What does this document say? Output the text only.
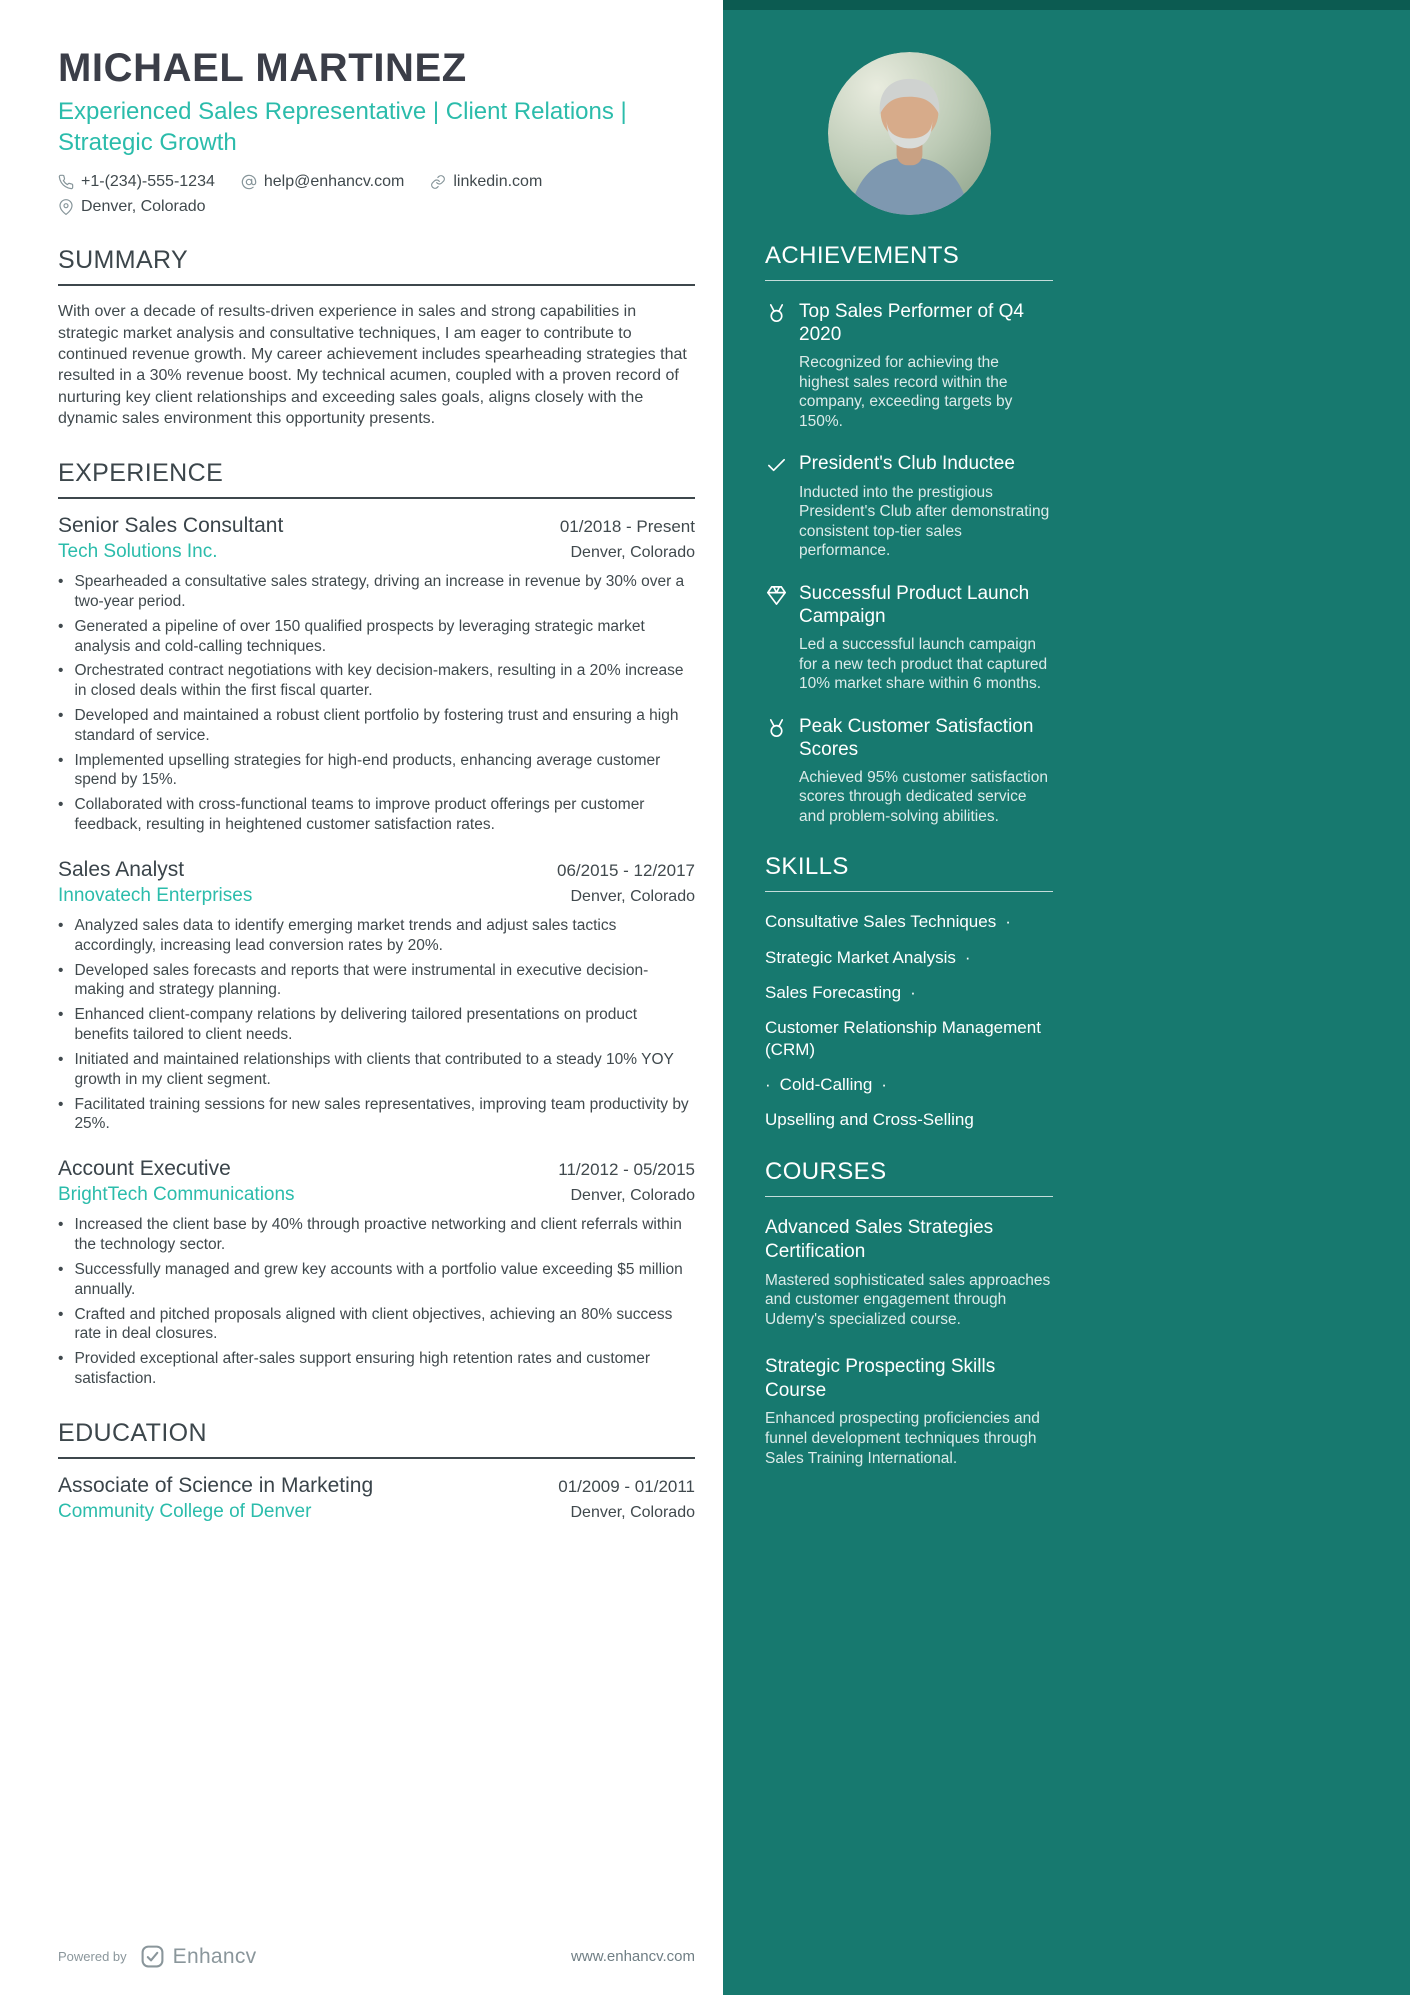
MICHAEL MARTINEZ
Experienced Sales Representative | Client Relations | Strategic Growth
+1-(234)-555-1234	help@enhancv.com	linkedin.com
Denver, Colorado
SUMMARY
With over a decade of results-driven experience in sales and strong capabilities in strategic market analysis and consultative techniques, I am eager to contribute to continued revenue growth. My career achievement includes spearheading strategies that resulted in a 30% revenue boost. My technical acumen, coupled with a proven record of nurturing key client relationships and exceeding sales goals, aligns closely with the dynamic sales environment this opportunity presents.
EXPERIENCE
Senior Sales Consultant	01/2018 - Present
Tech Solutions Inc.	Denver, Colorado
• Spearheaded a consultative sales strategy, driving an increase in revenue by 30% over a two-year period.
• Generated a pipeline of over 150 qualified prospects by leveraging strategic market analysis and cold-calling techniques.
• Orchestrated contract negotiations with key decision-makers, resulting in a 20% increase in closed deals within the first fiscal quarter.
• Developed and maintained a robust client portfolio by fostering trust and ensuring a high standard of service.
• Implemented upselling strategies for high-end products, enhancing average customer spend by 15%.
• Collaborated with cross-functional teams to improve product offerings per customer feedback, resulting in heightened customer satisfaction rates.
Sales Analyst	06/2015 - 12/2017
Innovatech Enterprises	Denver, Colorado
• Analyzed sales data to identify emerging market trends and adjust sales tactics accordingly, increasing lead conversion rates by 20%.
• Developed sales forecasts and reports that were instrumental in executive decision-making and strategy planning.
• Enhanced client-company relations by delivering tailored presentations on product benefits tailored to client needs.
• Initiated and maintained relationships with clients that contributed to a steady 10% YOY growth in my client segment.
• Facilitated training sessions for new sales representatives, improving team productivity by 25%.
Account Executive	11/2012 - 05/2015
BrightTech Communications	Denver, Colorado
• Increased the client base by 40% through proactive networking and client referrals within the technology sector.
• Successfully managed and grew key accounts with a portfolio value exceeding $5 million annually.
• Crafted and pitched proposals aligned with client objectives, achieving an 80% success rate in deal closures.
• Provided exceptional after-sales support ensuring high retention rates and customer satisfaction.
EDUCATION
Associate of Science in Marketing	01/2009 - 01/2011
Community College of Denver	Denver, Colorado
Powered by Enhancv	www.enhancv.com
ACHIEVEMENTS
Top Sales Performer of Q4 2020
Recognized for achieving the highest sales record within the company, exceeding targets by 150%.
President's Club Inductee
Inducted into the prestigious President's Club after demonstrating consistent top-tier sales performance.
Successful Product Launch Campaign
Led a successful launch campaign for a new tech product that captured 10% market share within 6 months.
Peak Customer Satisfaction Scores
Achieved 95% customer satisfaction scores through dedicated service and problem-solving abilities.
SKILLS
Consultative Sales Techniques ·
Strategic Market Analysis ·
Sales Forecasting ·
Customer Relationship Management (CRM)
· Cold-Calling ·
Upselling and Cross-Selling
COURSES
Advanced Sales Strategies Certification
Mastered sophisticated sales approaches and customer engagement through Udemy's specialized course.
Strategic Prospecting Skills Course
Enhanced prospecting proficiencies and funnel development techniques through Sales Training International.
